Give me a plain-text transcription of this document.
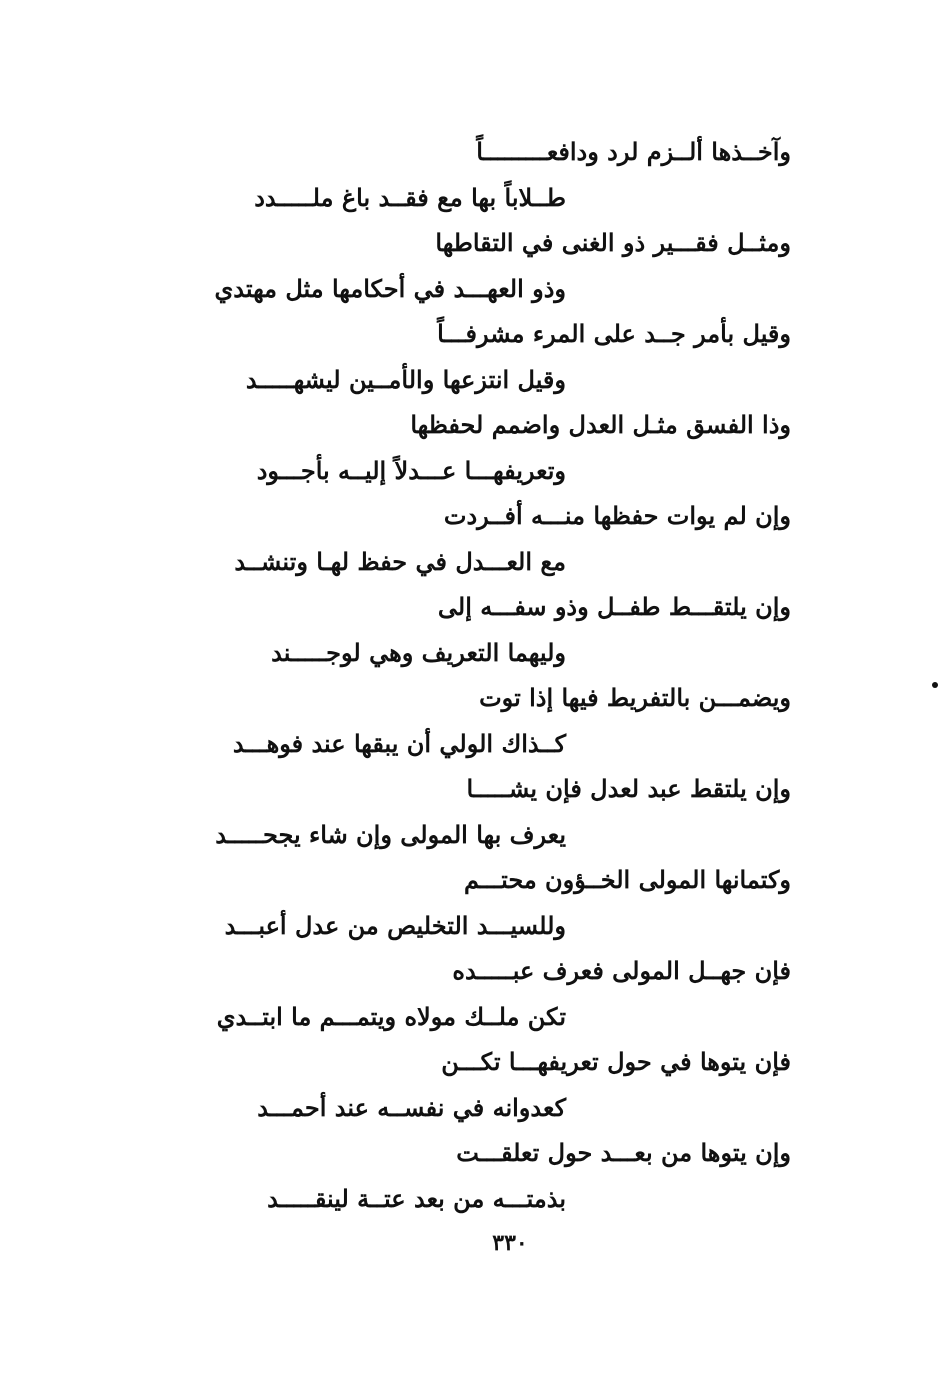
وآخــذها ألــزم لرد ودافعـــــــــاً
طــلاباً بها مع فقــد باغ ملـــــدد
ومثــل فقـــير ذو الغنى في التقاطها
وذو العهـــد في أحكامها مثل مهتدي
وقيل بأمر جــد على المرء مشرفـــاً
وقيل انتزعها والأمــين ليشهـــــد
وذا الفسق مثـل العدل واضمم لحفظها
وتعريفهـــا عـــدلاً إليــه بأجـــود
وإن لم يوات حفظها منـــه أفــردت
مع العـــدل في حفظ لهـا وتنشــد
وإن يلتقـــط طفــل وذو سفـــه إلى
وليهما التعريف وهي لوجـــــند
ويضمـــن بالتفريط فيها إذا توت
كــذاك الولي أن يبقها عند فوهـــد
وإن يلتقط عبد لعدل فإن يشـــــا
يعرف بها المولى وإن شاء يجحـــــد
وكتمانها المولى الخــؤون محتـــم
وللسيـــد التخليص من عدل أعبـــد
فإن جهــل المولى فعرف عبـــــده
تكن ملــك مولاه ويتمـــم ما ابتــدي
فإن يتوها في حول تعريفهـــا تكـــن
كعدوانه في نفســه عند أحمـــد
وإن يتوها من بعـــد حول تعلقـــت
بذمتـــه من بعد عتــة لينقـــــد
٣٣٠
